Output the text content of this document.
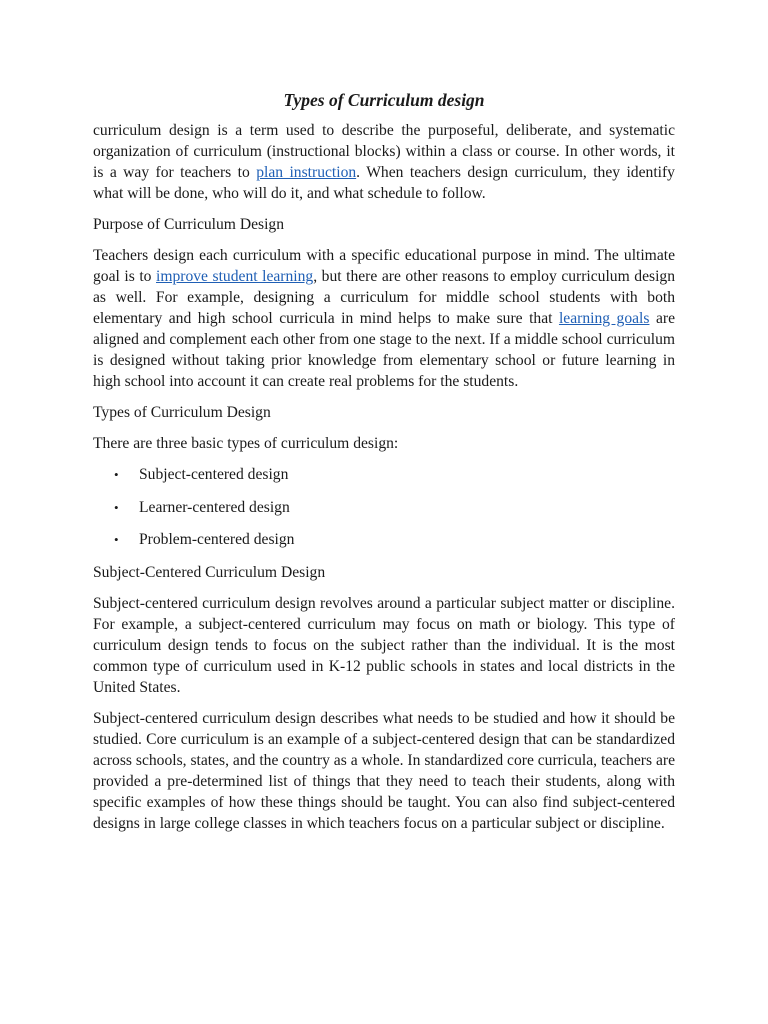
Types of Curriculum design

curriculum design is a term used to describe the purposeful, deliberate, and systematic organization of curriculum (instructional blocks) within a class or course. In other words, it is a way for teachers to plan instruction. When teachers design curriculum, they identify what will be done, who will do it, and what schedule to follow.

Purpose of Curriculum Design

Teachers design each curriculum with a specific educational purpose in mind. The ultimate goal is to improve student learning, but there are other reasons to employ curriculum design as well. For example, designing a curriculum for middle school students with both elementary and high school curricula in mind helps to make sure that learning goals are aligned and complement each other from one stage to the next. If a middle school curriculum is designed without taking prior knowledge from elementary school or future learning in high school into account it can create real problems for the students.

Types of Curriculum Design

There are three basic types of curriculum design:

• Subject-centered design
• Learner-centered design
• Problem-centered design

Subject-Centered Curriculum Design

Subject-centered curriculum design revolves around a particular subject matter or discipline. For example, a subject-centered curriculum may focus on math or biology. This type of curriculum design tends to focus on the subject rather than the individual. It is the most common type of curriculum used in K-12 public schools in states and local districts in the United States.

Subject-centered curriculum design describes what needs to be studied and how it should be studied. Core curriculum is an example of a subject-centered design that can be standardized across schools, states, and the country as a whole. In standardized core curricula, teachers are provided a pre-determined list of things that they need to teach their students, along with specific examples of how these things should be taught. You can also find subject-centered designs in large college classes in which teachers focus on a particular subject or discipline.
